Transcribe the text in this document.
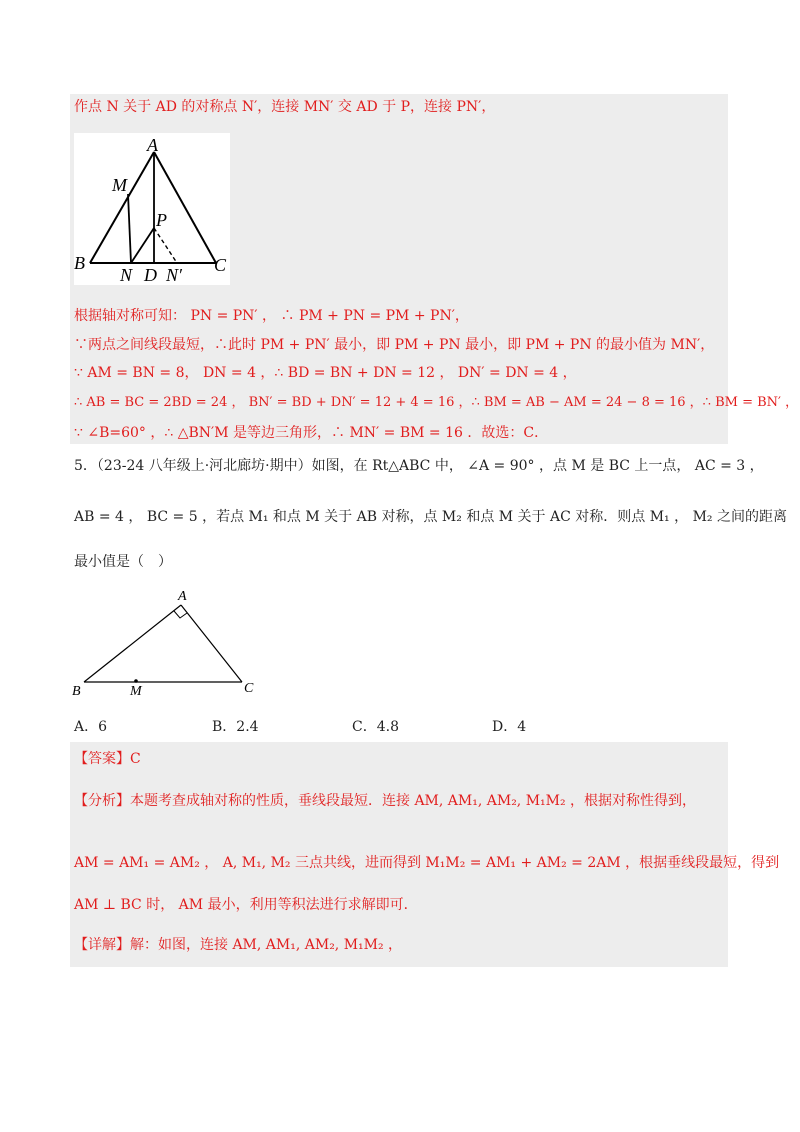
作点 N 关于 AD 的对称点 N′，连接 MN′ 交 AD 于 P，连接 PN′，
A
M
P
B
N D N′ C
根据轴对称可知： PN = PN′ ， ∴ PM + PN = PM + PN′，
∵两点之间线段最短，∴此时 PM + PN′ 最小，即 PM + PN 最小，即 PM + PN 的最小值为 MN′，
∵ AM = BN = 8， DN = 4 ，∴ BD = BN + DN = 12 ， DN′ = DN = 4 ，
∴ AB = BC = 2BD = 24 ， BN′ = BD + DN′ = 12 + 4 = 16 ，∴ BM = AB − AM = 24 − 8 = 16 ，∴ BM = BN′ ，
∵ ∠B=60° ，∴ △BN′M 是等边三角形，∴ MN′ = BM = 16 ．故选：C．
5．（23-24 八年级上·河北廊坊·期中）如图，在 Rt△ABC 中， ∠A = 90° ，点 M 是 BC 上一点， AC = 3 ，
AB = 4 ， BC = 5 ，若点 M₁ 和点 M 关于 AB 对称，点 M₂ 和点 M 关于 AC 对称．则点 M₁ ， M₂ 之间的距离
最小值是（　）
A
B	M	C
A．6	B．2.4	C．4.8	D．4
【答案】C
【分析】本题考查成轴对称的性质，垂线段最短．连接 AM, AM₁, AM₂, M₁M₂ ，根据对称性得到，
AM = AM₁ = AM₂ ， A, M₁, M₂ 三点共线，进而得到 M₁M₂ = AM₁ + AM₂ = 2AM ，根据垂线段最短，得到
AM ⊥ BC 时， AM 最小，利用等积法进行求解即可．
【详解】解：如图，连接 AM, AM₁, AM₂, M₁M₂ ，
